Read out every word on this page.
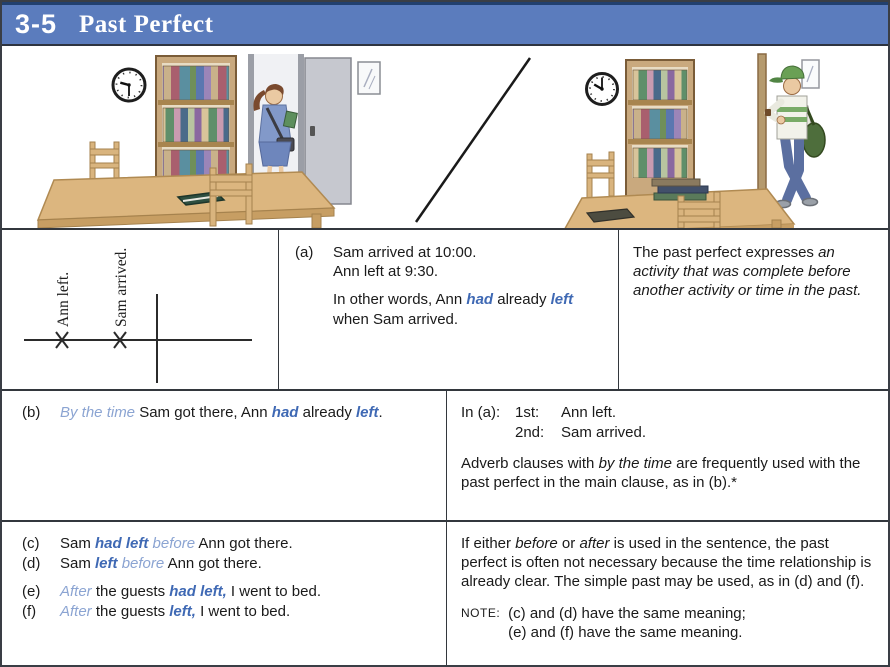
3-5 Past Perfect
Ann left.	Sam arrived.	(a)	Sam arrived at 10:00.
Ann left at 9:30.
In other words, Ann had already left
when Sam arrived.
The past perfect expresses an activity that was complete before another activity or time in the past.
(b)	By the time Sam got there, Ann had already left.	In (a): 1st:	Ann left.
2nd:	Sam arrived.
Adverb clauses with by the time are frequently used with the past perfect in the main clause, as in (b).*
(c)	Sam had left before Ann got there.
(d)	Sam left before Ann got there.
(e)	After the guests had left, I went to bed.
(f)	After the guests left, I went to bed.
If either before or after is used in the sentence, the past perfect is often not necessary because the time relationship is already clear. The simple past may be used, as in (d) and (f).
NOTE: (c) and (d) have the same meaning;
(e) and (f) have the same meaning.
